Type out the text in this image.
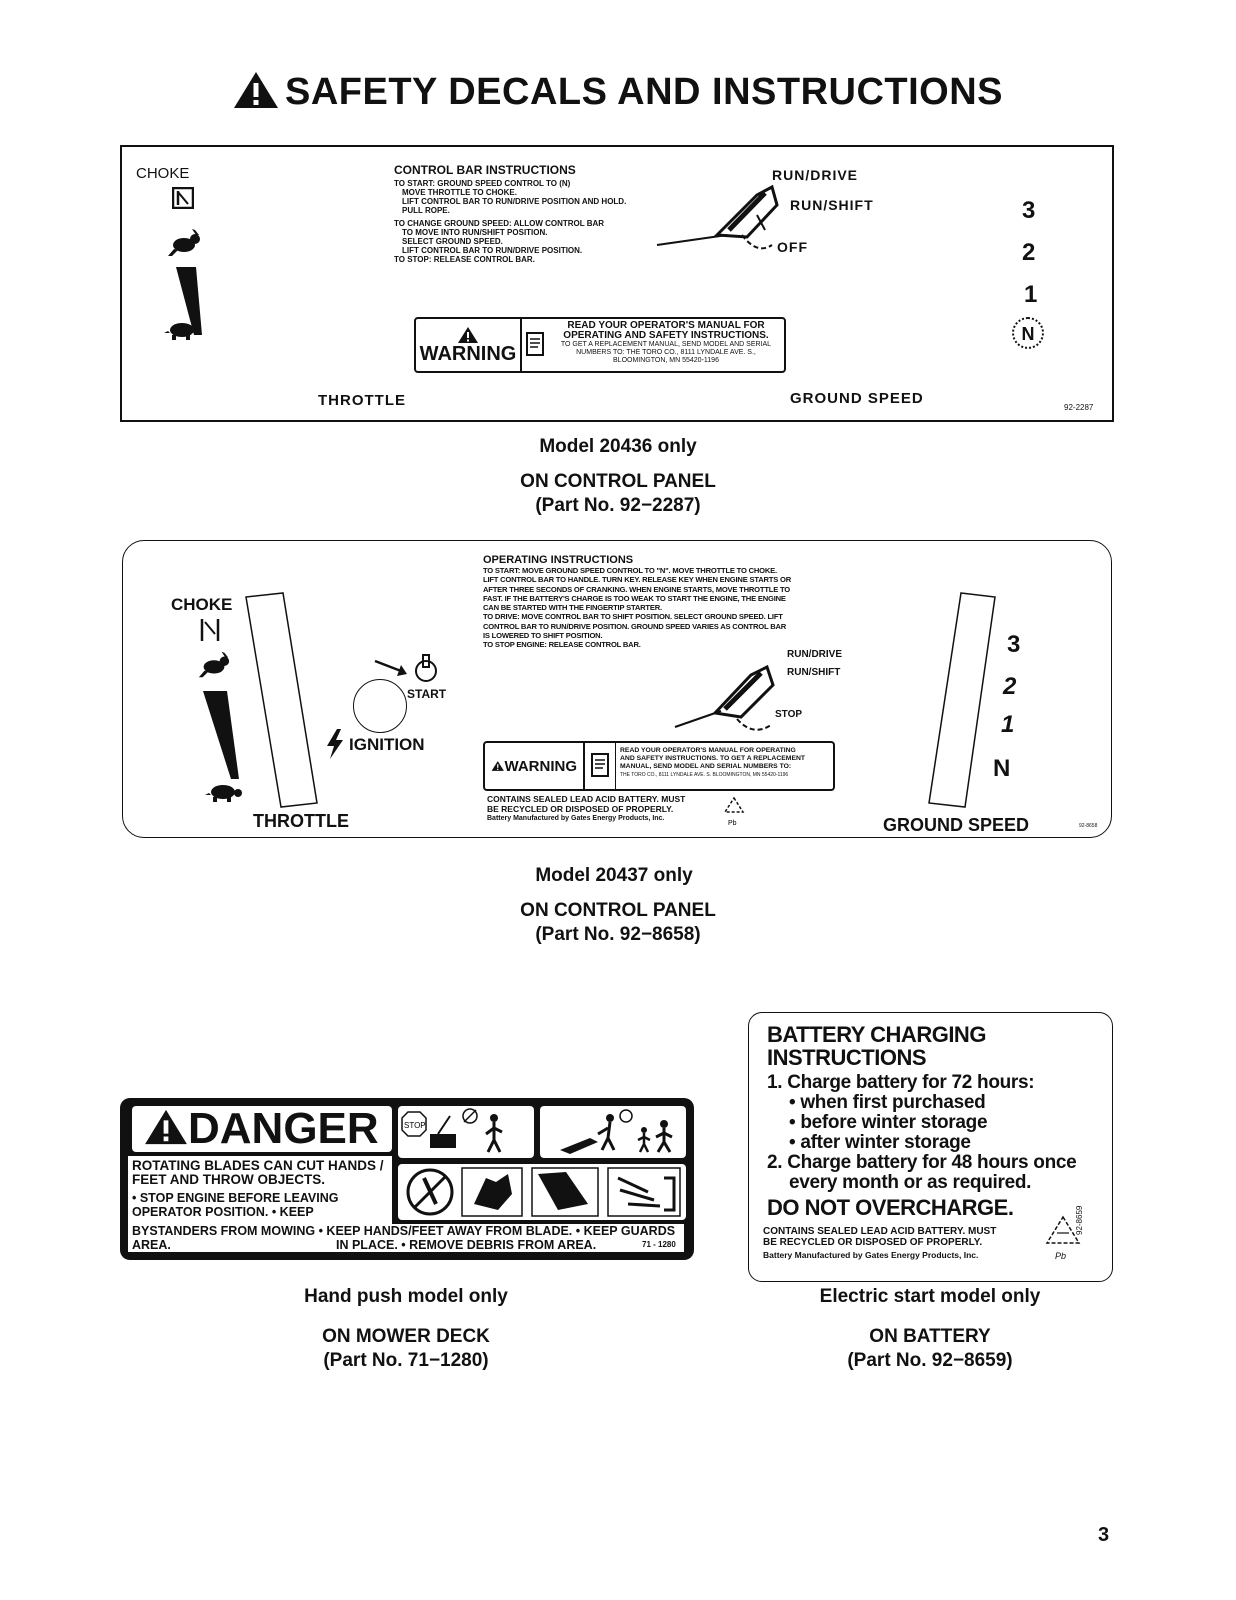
SAFETY DECALS AND INSTRUCTIONS
CHOKE	CONTROL BAR INSTRUCTIONS
TO START: GROUND SPEED CONTROL TO (N)
MOVE THROTTLE TO CHOKE.
LIFT CONTROL BAR TO RUN/DRIVE POSITION AND HOLD.
PULL ROPE.
TO CHANGE GROUND SPEED: ALLOW CONTROL BAR
TO MOVE INTO RUN/SHIFT POSITION.
SELECT GROUND SPEED.
LIFT CONTROL BAR TO RUN/DRIVE POSITION.
TO STOP: RELEASE CONTROL BAR.
RUN/DRIVE
RUN/SHIFT
OFF
3
2
1
N
WARNING
READ YOUR OPERATOR'S MANUAL FOR
OPERATING AND SAFETY INSTRUCTIONS.
TO GET A REPLACEMENT MANUAL, SEND MODEL AND SERIAL
NUMBERS TO: THE TORO CO., 8111 LYNDALE AVE. S.,
BLOOMINGTON, MN 55420-1196
THROTTLE	GROUND SPEED
92-2287
Model 20436 only
ON CONTROL PANEL
(Part No. 92−2287)
CHOKE
THROTTLE
START
IGNITION
OPERATING INSTRUCTIONS
TO START: MOVE GROUND SPEED CONTROL TO "N". MOVE THROTTLE TO CHOKE.
LIFT CONTROL BAR TO HANDLE. TURN KEY. RELEASE KEY WHEN ENGINE STARTS OR
AFTER THREE SECONDS OF CRANKING. WHEN ENGINE STARTS, MOVE THROTTLE TO
FAST. IF THE BATTERY'S CHARGE IS TOO WEAK TO START THE ENGINE, THE ENGINE
CAN BE STARTED WITH THE FINGERTIP STARTER.
TO DRIVE: MOVE CONTROL BAR TO SHIFT POSITION. SELECT GROUND SPEED. LIFT
CONTROL BAR TO RUN/DRIVE POSITION. GROUND SPEED VARIES AS CONTROL BAR
IS LOWERED TO SHIFT POSITION.
TO STOP ENGINE: RELEASE CONTROL BAR.
RUN/DRIVE
RUN/SHIFT
STOP
WARNING
READ YOUR OPERATOR'S MANUAL FOR OPERATING
AND SAFETY INSTRUCTIONS. TO GET A REPLACEMENT
MANUAL, SEND MODEL AND SERIAL NUMBERS TO:
THE TORO CO., 8111 LYNDALE AVE. S. BLOOMINGTON, MN 55420-1196
CONTAINS SEALED LEAD ACID BATTERY. MUST
BE RECYCLED OR DISPOSED OF PROPERLY.
Battery Manufactured by Gates Energy Products, Inc.
Pb
3
2
1
N
GROUND SPEED	92-8658
Model 20437 only
ON CONTROL PANEL
(Part No. 92−8658)
DANGER
ROTATING BLADES CAN CUT HANDS /
FEET AND THROW OBJECTS.
• STOP ENGINE BEFORE LEAVING
OPERATOR POSITION. • KEEP
BYSTANDERS FROM MOWING • KEEP HANDS/FEET AWAY FROM BLADE. • KEEP GUARDS
AREA.	IN PLACE. • REMOVE DEBRIS FROM AREA.	71 - 1280
STOP
Hand push model only
ON MOWER DECK
(Part No. 71−1280)
BATTERY CHARGING
INSTRUCTIONS
1. Charge battery for 72 hours:
• when first purchased
• before winter storage
• after winter storage
2. Charge battery for 48 hours once
every month or as required.
DO NOT OVERCHARGE.
CONTAINS SEALED LEAD ACID BATTERY. MUST
BE RECYCLED OR DISPOSED OF PROPERLY.
Battery Manufactured by Gates Energy Products, Inc.	Pb
92-8659
Electric start model only
ON BATTERY
(Part No. 92−8659)
3
